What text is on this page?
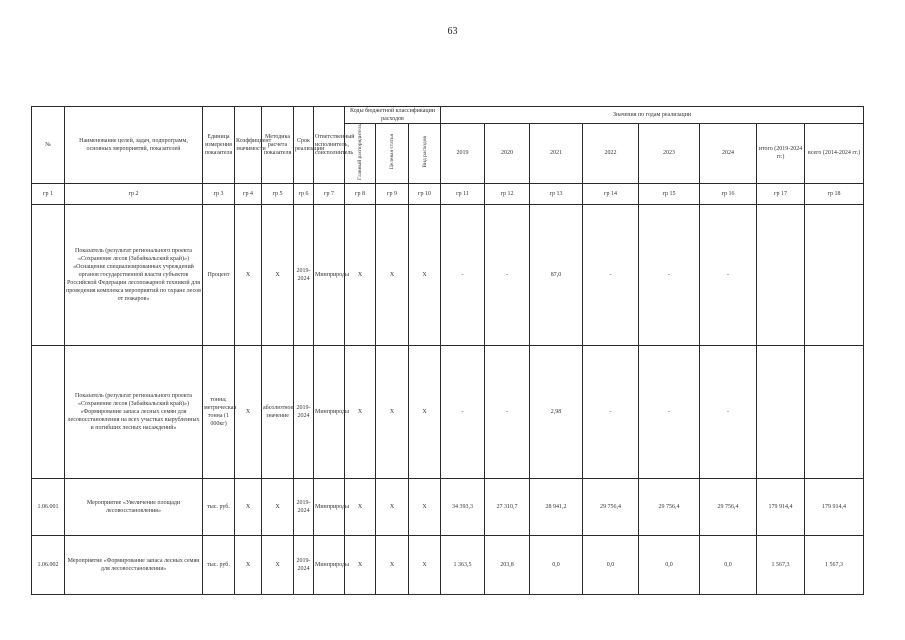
63
№	Наименование целей, задач, подпрограмм, основных мероприятий, показателей	Единица измерения показателя	Коэффициент значимости	Методика расчета показателя	Срок реализации	Ответственный исполнитель, соисполнитель	Коды бюджетной классификации расходов			Значения по годам реализации							
							Главный распорядитель	Целевая статья	Вид расходов	2019	2020	2021	2022	2023	2024	итого (2019-2024 гг.)	всего (2014-2024 гг.)
гр 1	гр 2	гр 3	гр 4	гр 5	гр 6	гр 7	гр 8	гр 9	гр 10	гр 11	гр 12	гр 13	гр 14	гр 15	гр 16	гр 17	гр 18
	Показатель (результат регионального проекта «Сохранение лесов (Забайкальский край)») «Оснащение специализированных учреждений органов государственной власти субъектов Российской Федерации лесопожарной техникой для проведения комплекса мероприятий по охране лесов от пожаров»	Процент	X	X	2019-2024	Минприроды	X	X	X	-	-	87,0	-	-	-		
	Показатель (результат регионального проекта «Сохранение лесов (Забайкальский край)») «Формирование запаса лесных семян для лесовосстановления на всех участках вырубленных и погибших лесных насаждений»	тонна; метрическая тонна (1 000кг)	X	абсолютное значение	2019-2024	Минприроды	X	X	X	-	-	2,98	-	-	-		
1.06.001	Мероприятие «Увеличение площади лесовосстановления»	тыс. руб.	X	X	2019-2024	Минприроды	X	X	X	34 393,3	27 310,7	28 941,2	29 756,4	29 756,4	29 756,4	179 914,4	179 914,4
1.06.002	Мероприятие «Формирование запаса лесных семян для лесовосстановления»	тыс. руб.	X	X	2019-2024	Минприроды	X	X	X	1 363,5	203,8	0,0	0,0	0,0	0,0	1 567,3	1 567,3
